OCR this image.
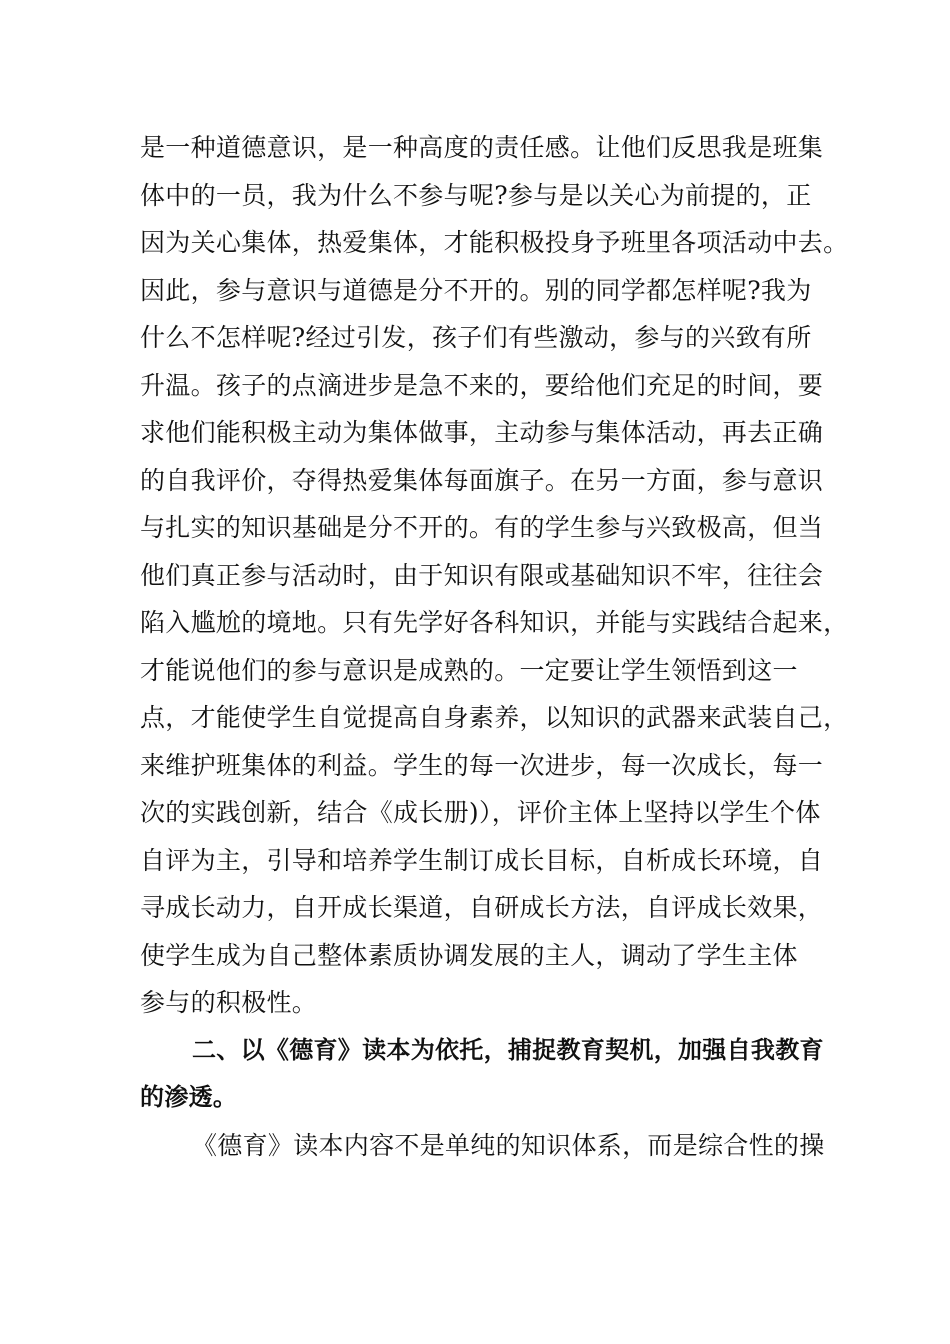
是一种道德意识，是一种高度的责任感。让他们反思我是班集
体中的一员，我为什么不参与呢?参与是以关心为前提的，正
因为关心集体，热爱集体，才能积极投身予班里各项活动中去。
因此，参与意识与道德是分不开的。别的同学都怎样呢?我为
什么不怎样呢?经过引发，孩子们有些激动，参与的兴致有所
升温。孩子的点滴进步是急不来的，要给他们充足的时间，要
求他们能积极主动为集体做事，主动参与集体活动，再去正确
的自我评价，夺得热爱集体每面旗子。在另一方面，参与意识
与扎实的知识基础是分不开的。有的学生参与兴致极高，但当
他们真正参与活动时，由于知识有限或基础知识不牢，往往会
陷入尴尬的境地。只有先学好各科知识，并能与实践结合起来，
才能说他们的参与意识是成熟的。一定要让学生领悟到这一
点，才能使学生自觉提高自身素养，以知识的武器来武装自己，
来维护班集体的利益。学生的每一次进步，每一次成长，每一
次的实践创新，结合《成长册)），评价主体上坚持以学生个体
自评为主，引导和培养学生制订成长目标，自析成长环境，自
寻成长动力，自开成长渠道，自研成长方法，自评成长效果，
使学生成为自己整体素质协调发展的主人，调动了学生主体
参与的积极性。
二、以《德育》读本为依托，捕捉教育契机，加强自我教育
的渗透。
《德育》读本内容不是单纯的知识体系，而是综合性的操
